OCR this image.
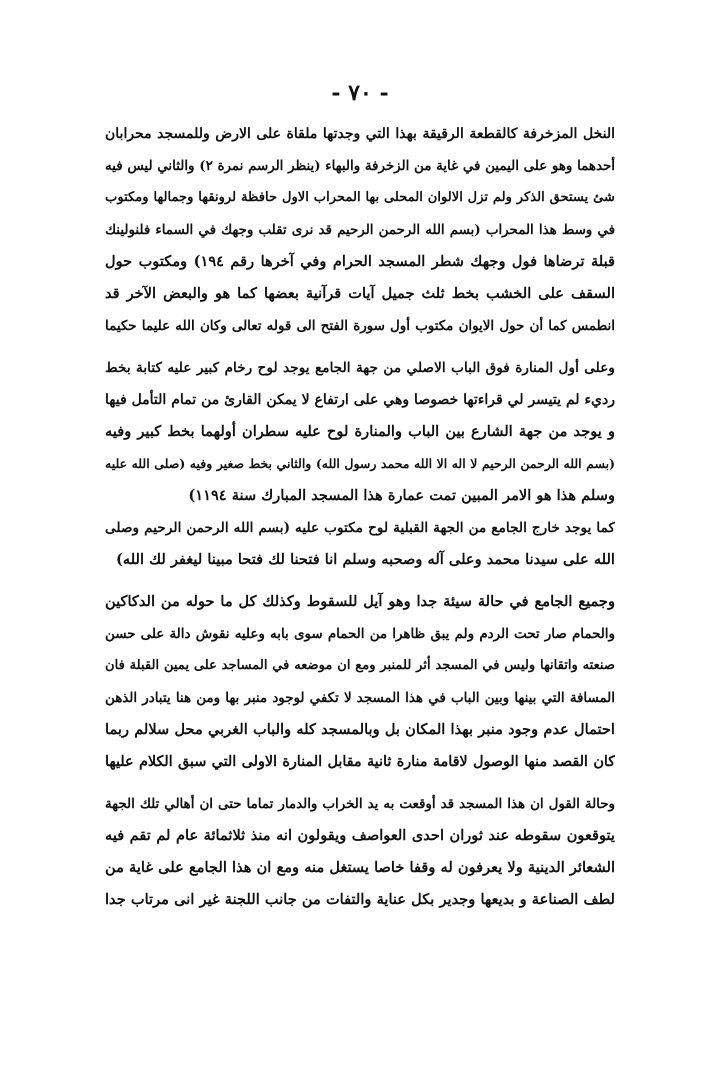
- ٧٠ -
النخل المزخرفة كالقطعة الرقيقة بهذا التي وجدتها ملقاة على الارض وللمسجد محرابان
أحدهما وهو على اليمين في غاية من الزخرفة والبهاء (ينظر الرسم نمرة ٢) والثاني ليس فيه
شئ يستحق الذكر ولم تزل الالوان المحلى بها المحراب الاول حافظة لرونقها وجمالها ومكتوب
في وسط هذا المحراب (بسم الله الرحمن الرحيم قد نرى تقلب وجهك في السماء فلنولينك
قبلة ترضاها فول وجهك شطر المسجد الحرام وفي آخرها رقم ١٩٤) ومكتوب حول
السقف على الخشب بخط ثلث جميل آيات قرآنية بعضها كما هو والبعض الآخر قد
انطمس كما أن حول الايوان مكتوب أول سورة الفتح الى قوله تعالى وكان الله عليما حكيما
وعلى أول المنارة فوق الباب الاصلي من جهة الجامع يوجد لوح رخام كبير عليه كتابة بخط
رديء لم يتيسر لي قراءتها خصوصا وهي على ارتفاع لا يمكن القارئ من تمام التأمل فيها
و يوجد من جهة الشارع بين الباب والمنارة لوح عليه سطران أولهما بخط كبير وفيه
(بسم الله الرحمن الرحيم لا اله الا الله محمد رسول الله) والثاني بخط صغير وفيه (صلى الله عليه
وسلم هذا هو الامر المبين تمت عمارة هذا المسجد المبارك سنة ١١٩٤)
كما يوجد خارج الجامع من الجهة القبلية لوح مكتوب عليه (بسم الله الرحمن الرحيم وصلى
الله على سيدنا محمد وعلى آله وصحبه وسلم انا فتحنا لك فتحا مبينا ليغفر لك الله)
وجميع الجامع في حالة سيئة جدا وهو آيل للسقوط وكذلك كل ما حوله من الدكاكين
والحمام صار تحت الردم ولم يبق ظاهرا من الحمام سوى بابه وعليه نقوش دالة على حسن
صنعته واتقانها وليس في المسجد أثر للمنبر ومع ان موضعه في المساجد على يمين القبلة فان
المسافة التي بينها وبين الباب في هذا المسجد لا تكفي لوجود منبر بها ومن هنا يتبادر الذهن
احتمال عدم وجود منبر بهذا المكان بل وبالمسجد كله والباب الغربي محل سلالم ربما
كان القصد منها الوصول لاقامة منارة ثانية مقابل المنارة الاولى التي سبق الكلام عليها
وحالة القول ان هذا المسجد قد أوقعت به يد الخراب والدمار تماما حتى ان أهالي تلك الجهة
يتوقعون سقوطه عند ثوران احدى العواصف ويقولون انه منذ ثلاثمائة عام لم تقم فيه
الشعائر الدينية ولا يعرفون له وقفا خاصا يستغل منه ومع ان هذا الجامع على غاية من
لطف الصناعة و بديعها وجدير بكل عناية والتفات من جانب اللجنة غير انى مرتاب جدا
